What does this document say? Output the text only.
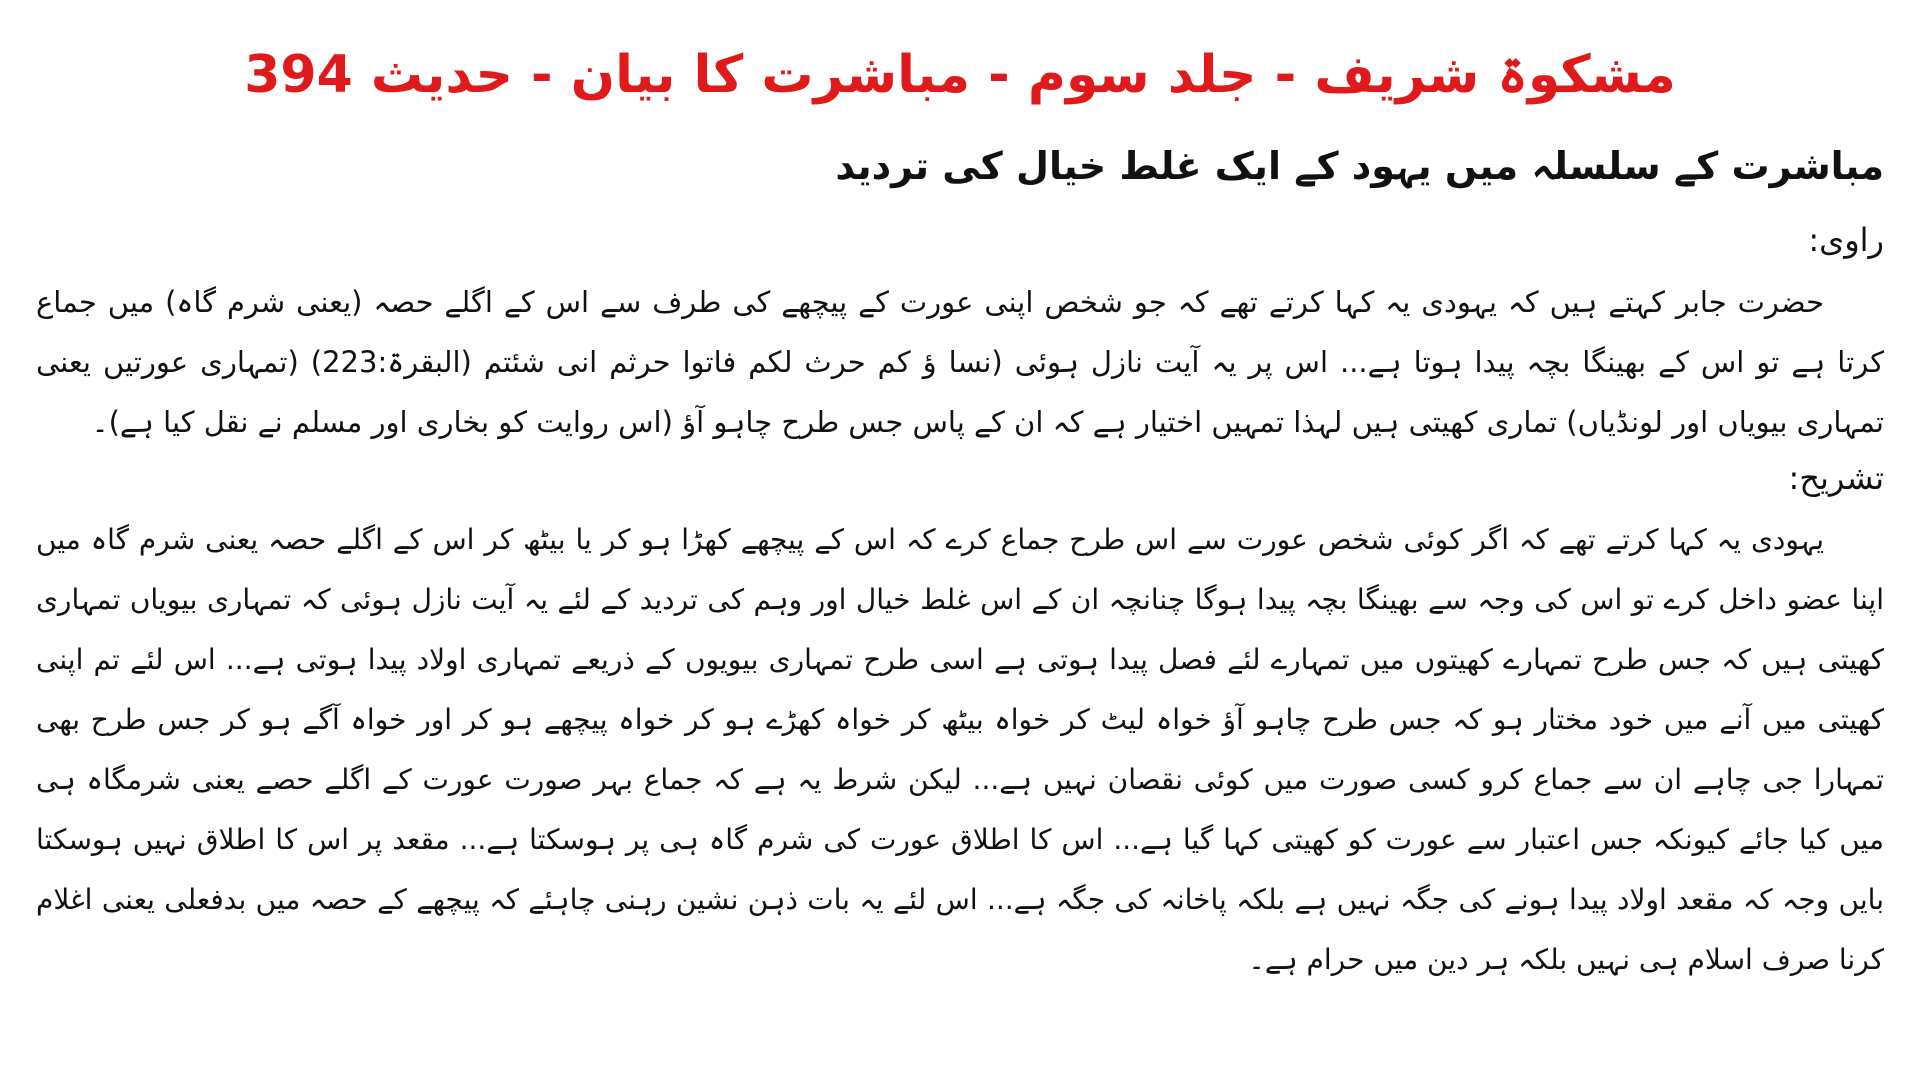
مشکوۃ شریف - جلد سوم - مباشرت کا بیان - حدیث 394
مباشرت کے سلسلہ میں یہود کے ایک غلط خیال کی تردید
راوی:
حضرت جابر کہتے ہیں کہ یہودی یہ کہا کرتے تھے کہ جو شخص اپنی عورت کے پیچھے کی طرف سے اس کے اگلے حصہ (یعنی شرم گاہ) میں جماع کرتا ہے تو اس کے بھینگا بچہ پیدا ہوتا ہے... اس پر یہ آیت نازل ہوئی (نسا ؤ کم حرث لکم فاتوا حرثم انی شئتم (البقرۃ:223) (تمہاری عورتیں یعنی تمہاری بیویاں اور لونڈیاں) تماری کھیتی ہیں لہذا تمہیں اختیار ہے کہ ان کے پاس جس طرح چاہو آؤ (اس روایت کو بخاری اور مسلم نے نقل کیا ہے)۔
تشریح:
یہودی یہ کہا کرتے تھے کہ اگر کوئی شخص عورت سے اس طرح جماع کرے کہ اس کے پیچھے کھڑا ہو کر یا بیٹھ کر اس کے اگلے حصہ یعنی شرم گاہ میں اپنا عضو داخل کرے تو اس کی وجہ سے بھینگا بچہ پیدا ہوگا چنانچہ ان کے اس غلط خیال اور وہم کی تردید کے لئے یہ آیت نازل ہوئی کہ تمہاری بیویاں تمہاری کھیتی ہیں کہ جس طرح تمہارے کھیتوں میں تمہارے لئے فصل پیدا ہوتی ہے اسی طرح تمہاری بیویوں کے ذریعے تمہاری اولاد پیدا ہوتی ہے... اس لئے تم اپنی کھیتی میں آنے میں خود مختار ہو کہ جس طرح چاہو آؤ خواہ لیٹ کر خواہ بیٹھ کر خواہ کھڑے ہو کر خواہ پیچھے ہو کر اور خواہ آگے ہو کر جس طرح بھی تمہارا جی چاہے ان سے جماع کرو کسی صورت میں کوئی نقصان نہیں ہے... لیکن شرط یہ ہے کہ جماع بہر صورت عورت کے اگلے حصے یعنی شرمگاہ ہی میں کیا جائے کیونکہ جس اعتبار سے عورت کو کھیتی کہا گیا ہے... اس کا اطلاق عورت کی شرم گاہ ہی پر ہوسکتا ہے... مقعد پر اس کا اطلاق نہیں ہوسکتا بایں وجہ کہ مقعد اولاد پیدا ہونے کی جگہ نہیں ہے بلکہ پاخانہ کی جگہ ہے... اس لئے یہ بات ذہن نشین رہنی چاہئے کہ پیچھے کے حصہ میں بدفعلی یعنی اغلام کرنا صرف اسلام ہی نہیں بلکہ ہر دین میں حرام ہے۔
